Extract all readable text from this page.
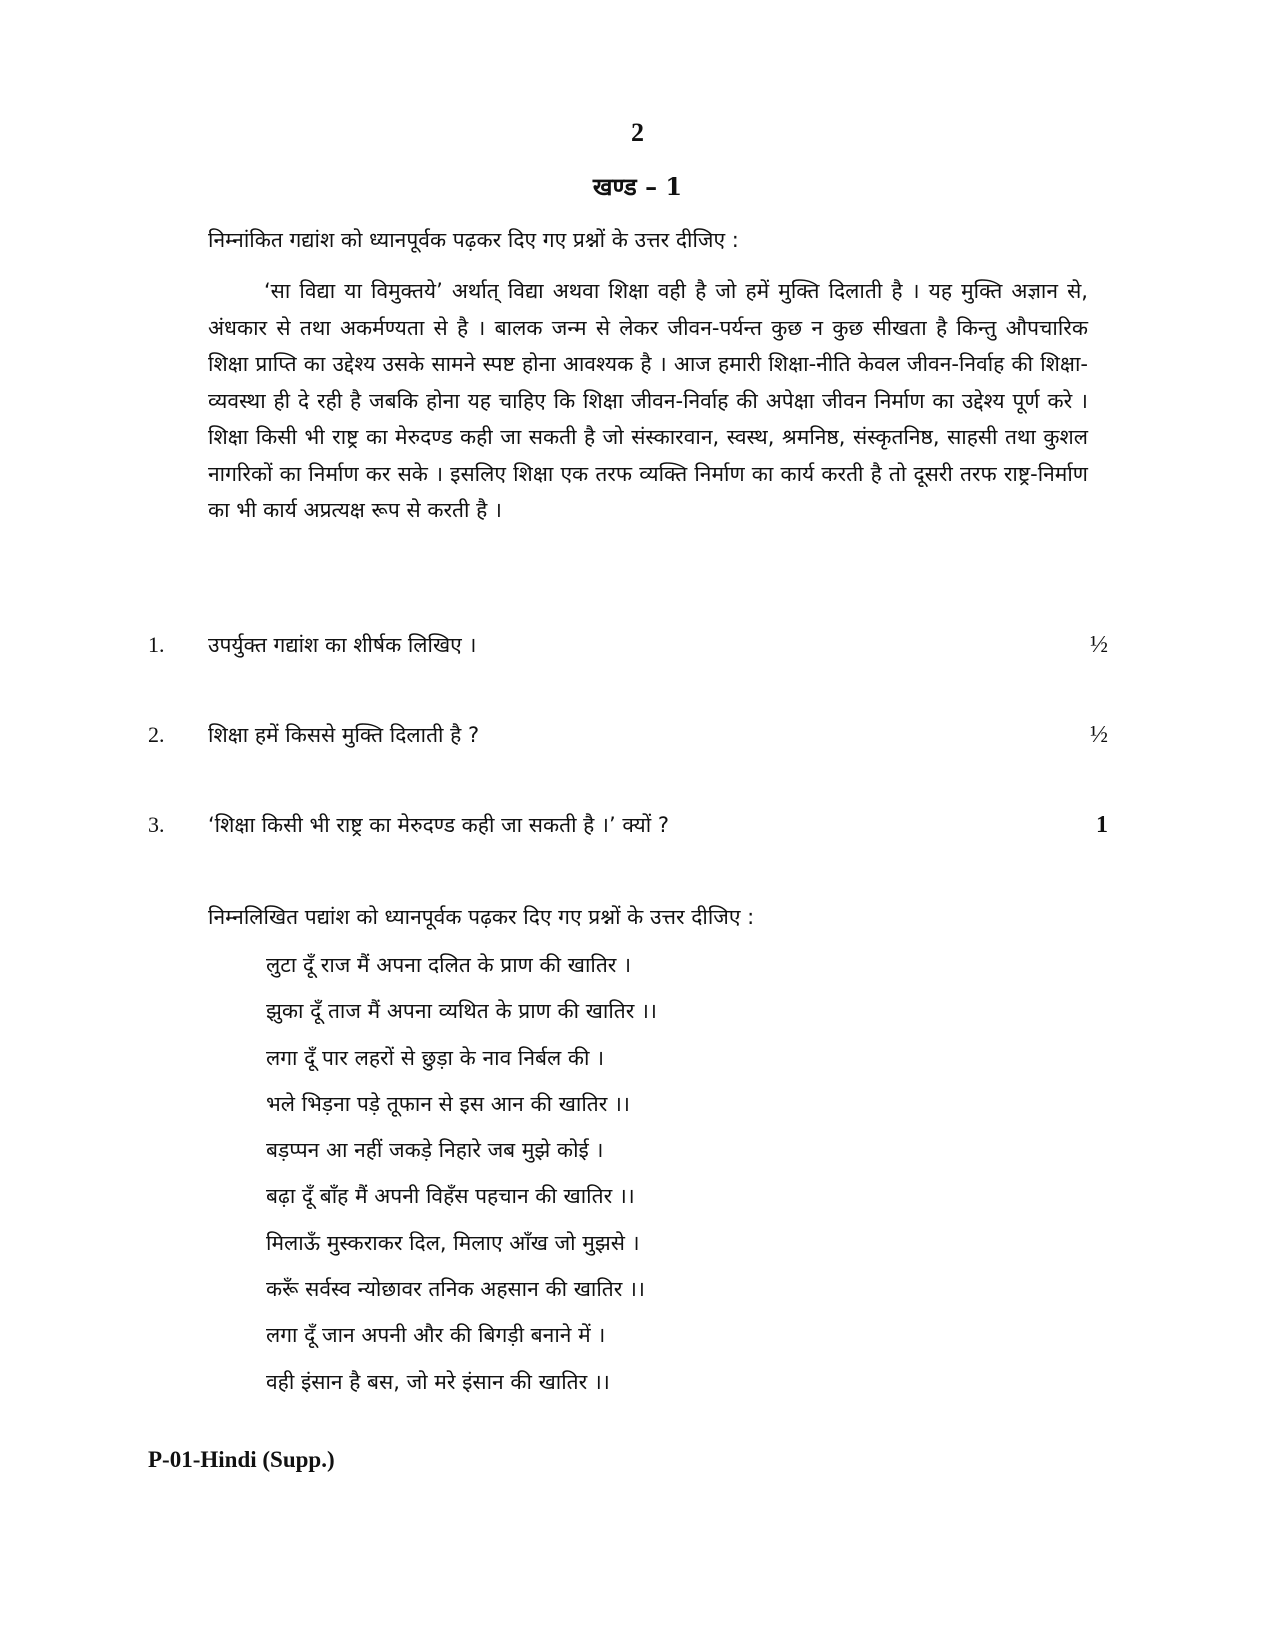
2
खण्ड – 1
निम्नांकित गद्यांश को ध्यानपूर्वक पढ़कर दिए गए प्रश्नों के उत्तर दीजिए :

‘सा विद्या या विमुक्तये’ अर्थात् विद्या अथवा शिक्षा वही है जो हमें मुक्ति दिलाती है । यह मुक्ति अज्ञान से, अंधकार से तथा अकर्मण्यता से है । बालक जन्म से लेकर जीवन-पर्यन्त कुछ न कुछ सीखता है किन्तु औपचारिक शिक्षा प्राप्ति का उद्देश्य उसके सामने स्पष्ट होना आवश्यक है । आज हमारी शिक्षा-नीति केवल जीवन-निर्वाह की शिक्षा-व्यवस्था ही दे रही है जबकि होना यह चाहिए कि शिक्षा जीवन-निर्वाह की अपेक्षा जीवन निर्माण का उद्देश्य पूर्ण करे । शिक्षा किसी भी राष्ट्र का मेरुदण्ड कही जा सकती है जो संस्कारवान, स्वस्थ, श्रमनिष्ठ, संस्कृतनिष्ठ, साहसी तथा कुशल नागरिकों का निर्माण कर सके । इसलिए शिक्षा एक तरफ व्यक्ति निर्माण का कार्य करती है तो दूसरी तरफ राष्ट्र-निर्माण का भी कार्य अप्रत्यक्ष रूप से करती है ।

1. उपर्युक्त गद्यांश का शीर्षक लिखिए ।	½
2. शिक्षा हमें किससे मुक्ति दिलाती है ?	½
3. ‘शिक्षा किसी भी राष्ट्र का मेरुदण्ड कही जा सकती है ।’ क्यों ?	1
निम्नलिखित पद्यांश को ध्यानपूर्वक पढ़कर दिए गए प्रश्नों के उत्तर दीजिए :
लुटा दूँ राज मैं अपना दलित के प्राण की खातिर ।
झुका दूँ ताज मैं अपना व्यथित के प्राण की खातिर ।।
लगा दूँ पार लहरों से छुड़ा के नाव निर्बल की ।
भले भिड़ना पड़े तूफान से इस आन की खातिर ।।
बड़प्पन आ नहीं जकड़े निहारे जब मुझे कोई ।
बढ़ा दूँ बाँह मैं अपनी विहँस पहचान की खातिर ।।
मिलाऊँ मुस्कराकर दिल, मिलाए आँख जो मुझसे ।
करूँ सर्वस्व न्योछावर तनिक अहसान की खातिर ।।
लगा दूँ जान अपनी और की बिगड़ी बनाने में ।
वही इंसान है बस, जो मरे इंसान की खातिर ।।
P-01-Hindi (Supp.)
